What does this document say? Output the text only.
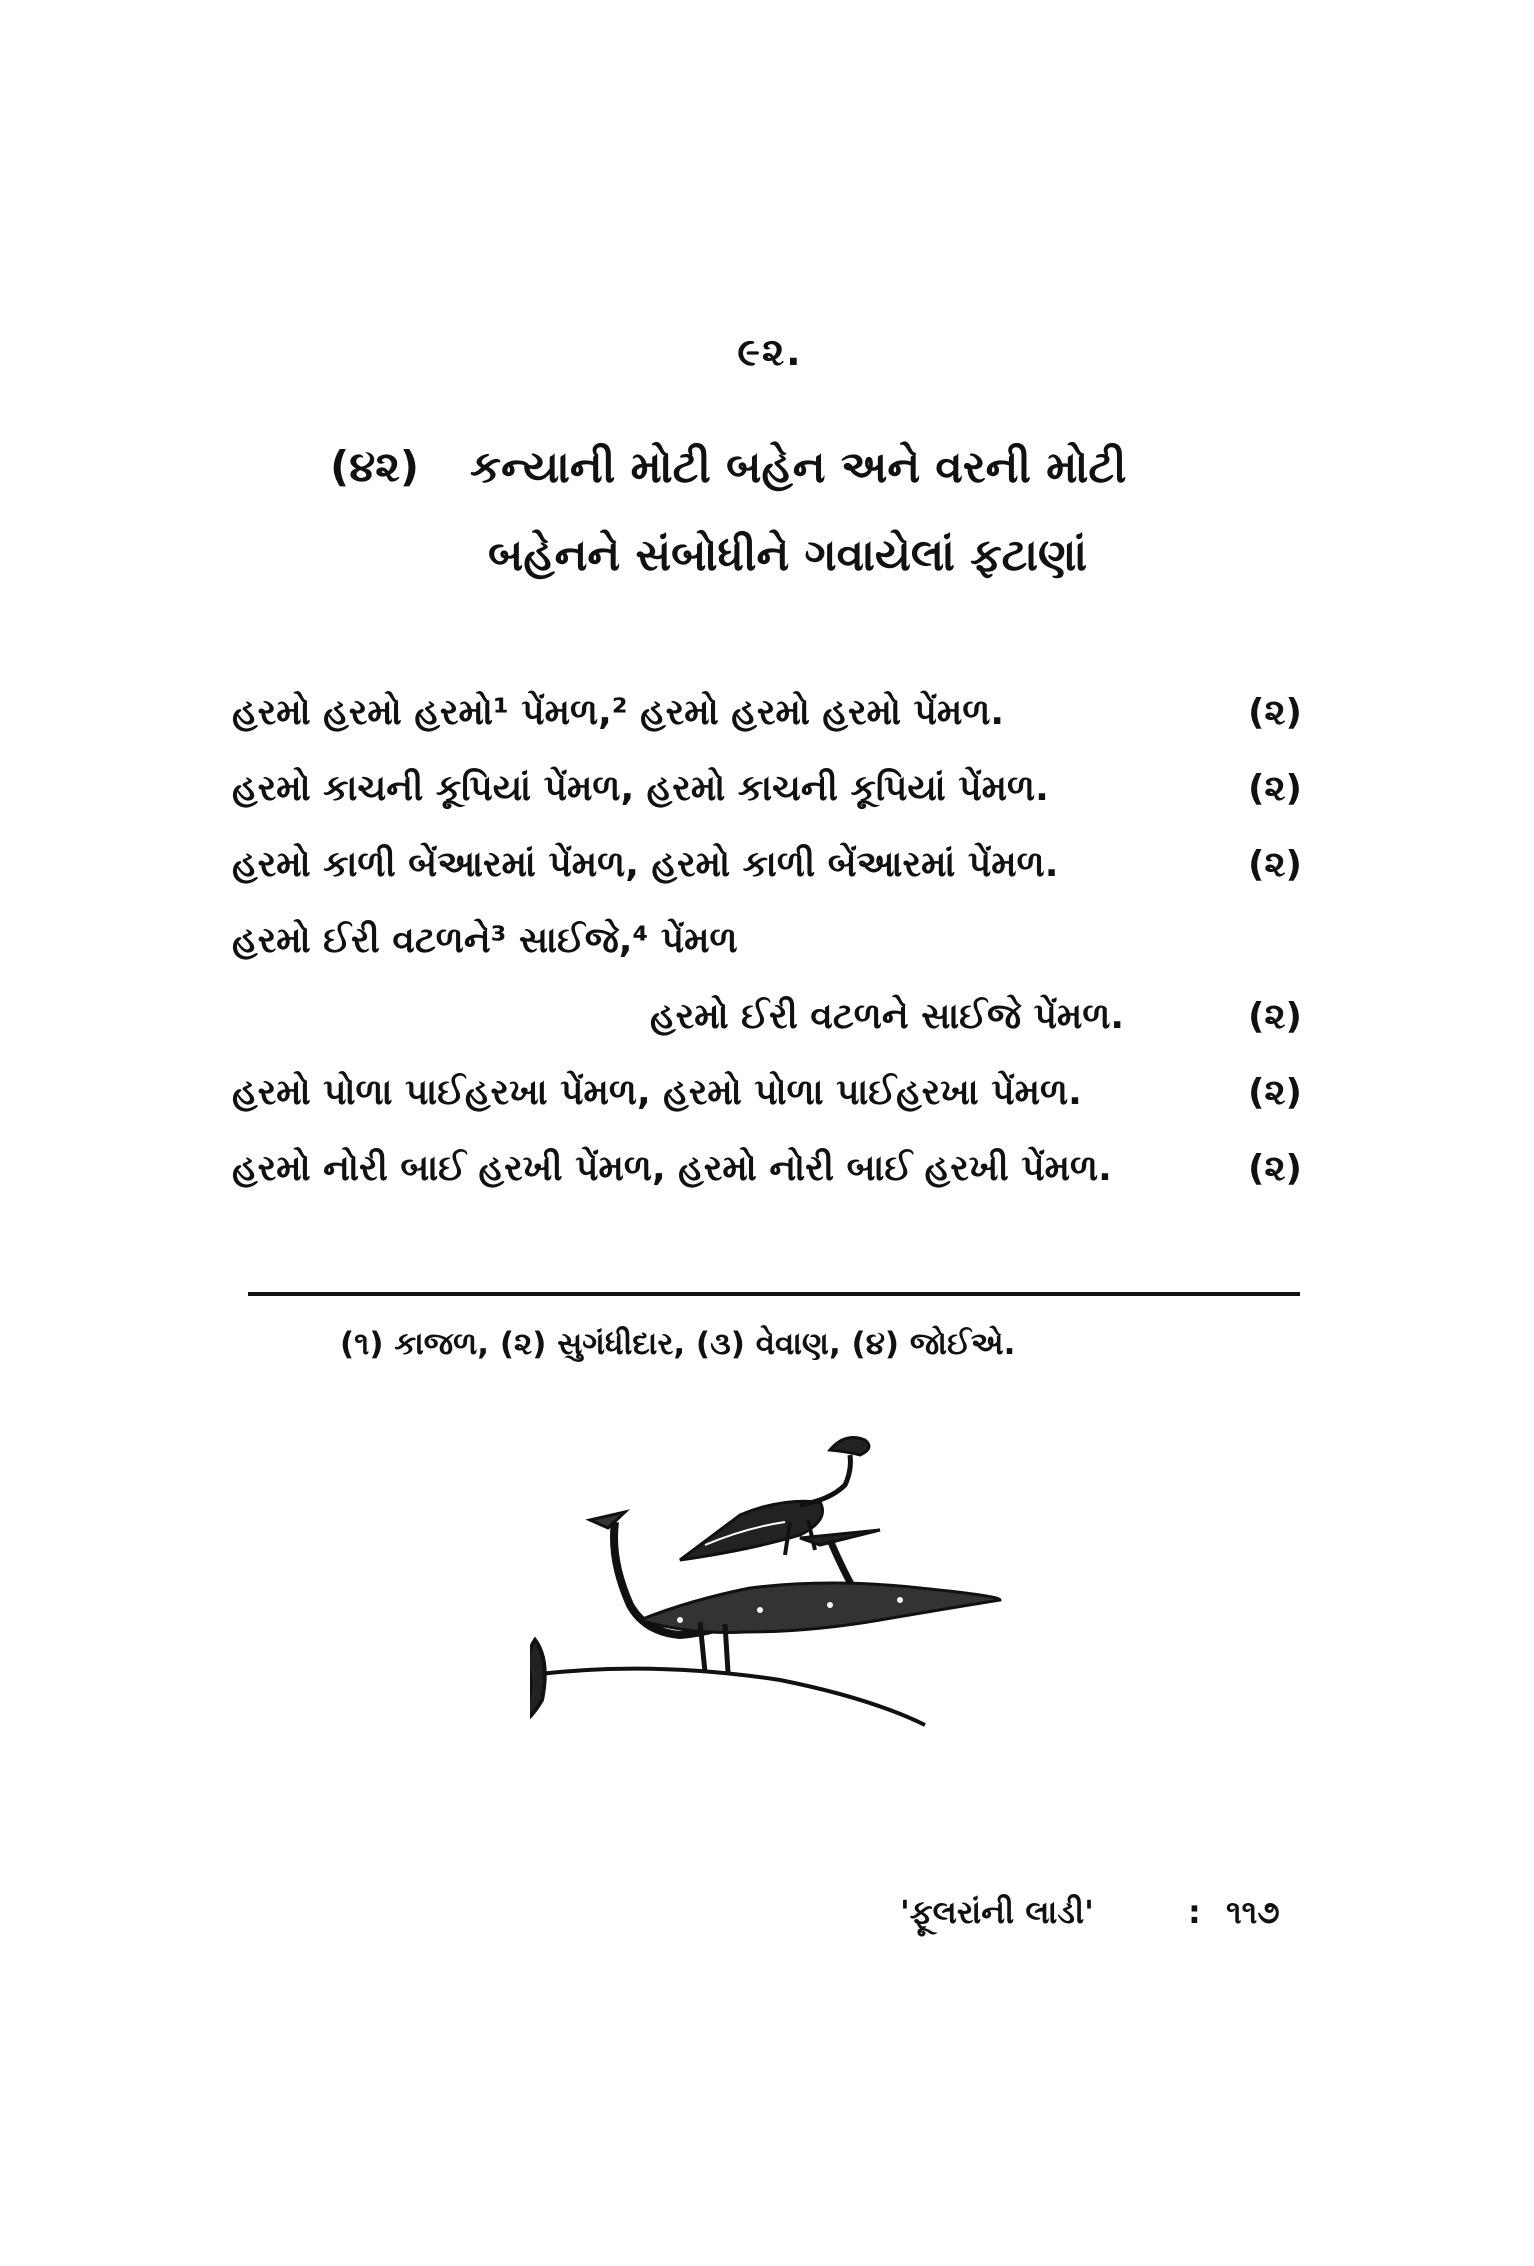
૯૨.
(૪૨) કન્યાની મોટી બહેન અને વરની મોટી
બહેનને સંબોધીને ગવાયેલાં ફટાણાં
હરમો હરમો હરમો¹ પેંમળ,² હરમો હરમો હરમો પેંમળ.	(૨)
હરમો કાચની કૂપિયાં પેંમળ, હરમો કાચની કૂપિયાં પેંમળ.	(૨)
હરમો કાળી બેંઆરમાં પેંમળ, હરમો કાળી બેંઆરમાં પેંમળ.	(૨)
હરમો ઈરી વટળને³ સાઈજે,⁴ પેંમળ
હરમો ઈરી વટળને સાઈજે પેંમળ.	(૨)
હરમો પોળા પાઈહરખા પેંમળ, હરમો પોળા પાઈહરખા પેંમળ.	(૨)
હરમો નોરી બાઈ હરખી પેંમળ, હરમો નોરી બાઈ હરખી પેંમળ.	(૨)
(૧) કાજળ, (૨) સુગંધીદાર, (૩) વેવાણ, (૪) જોઈએ.
'ફૂલરાંની લાડી'	: ૧૧૭
